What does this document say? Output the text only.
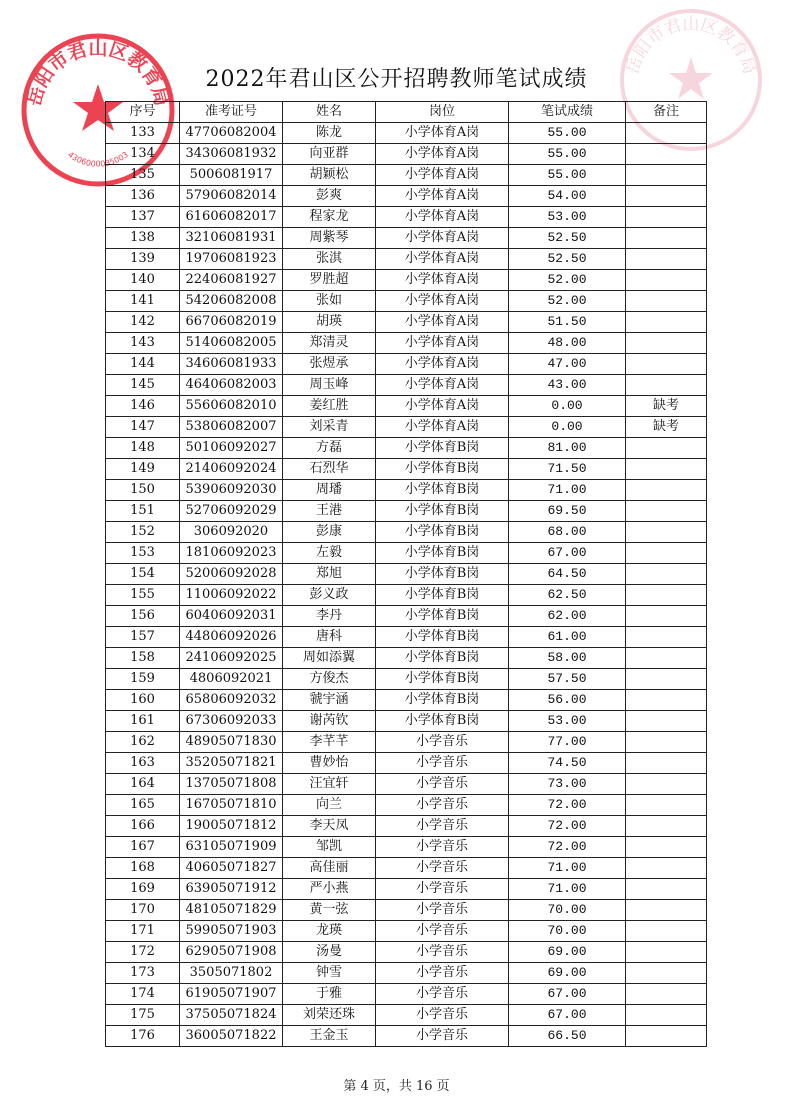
岳阳市君山区教育局
4306000035003
岳阳市君山区教育局
2022年君山区公开招聘教师笔试成绩
序号	准考证号	姓名	岗位	笔试成绩	备注
133	47706082004	陈龙	小学体育A岗	55.00	
134	34306081932	向亚群	小学体育A岗	55.00	
135	5006081917	胡颖松	小学体育A岗	55.00	
136	57906082014	彭爽	小学体育A岗	54.00	
137	61606082017	程家龙	小学体育A岗	53.00	
138	32106081931	周紫琴	小学体育A岗	52.50	
139	19706081923	张淇	小学体育A岗	52.50	
140	22406081927	罗胜超	小学体育A岗	52.00	
141	54206082008	张如	小学体育A岗	52.00	
142	66706082019	胡瑛	小学体育A岗	51.50	
143	51406082005	郑清灵	小学体育A岗	48.00	
144	34606081933	张煜承	小学体育A岗	47.00	
145	46406082003	周玉峰	小学体育A岗	43.00	
146	55606082010	姜红胜	小学体育A岗	0.00	缺考
147	53806082007	刘采青	小学体育A岗	0.00	缺考
148	50106092027	方磊	小学体育B岗	81.00	
149	21406092024	石烈华	小学体育B岗	71.50	
150	53906092030	周璠	小学体育B岗	71.00	
151	52706092029	王港	小学体育B岗	69.50	
152	306092020	彭康	小学体育B岗	68.00	
153	18106092023	左毅	小学体育B岗	67.00	
154	52006092028	郑旭	小学体育B岗	64.50	
155	11006092022	彭义政	小学体育B岗	62.50	
156	60406092031	李丹	小学体育B岗	62.00	
157	44806092026	唐科	小学体育B岗	61.00	
158	24106092025	周如添翼	小学体育B岗	58.00	
159	4806092021	方俊杰	小学体育B岗	57.50	
160	65806092032	虢宇涵	小学体育B岗	56.00	
161	67306092033	谢芮钦	小学体育B岗	53.00	
162	48905071830	李芊芊	小学音乐	77.00	
163	35205071821	曹妙怡	小学音乐	74.50	
164	13705071808	汪宜轩	小学音乐	73.00	
165	16705071810	向兰	小学音乐	72.00	
166	19005071812	李天凤	小学音乐	72.00	
167	63105071909	邹凯	小学音乐	72.00	
168	40605071827	高佳丽	小学音乐	71.00	
169	63905071912	严小燕	小学音乐	71.00	
170	48105071829	黄一弦	小学音乐	70.00	
171	59905071903	龙瑛	小学音乐	70.00	
172	62905071908	汤曼	小学音乐	69.00	
173	3505071802	钟雪	小学音乐	69.00	
174	61905071907	于雅	小学音乐	67.00	
175	37505071824	刘荣还珠	小学音乐	67.00	
176	36005071822	王金玉	小学音乐	66.50	
第 4 页，共 16 页
